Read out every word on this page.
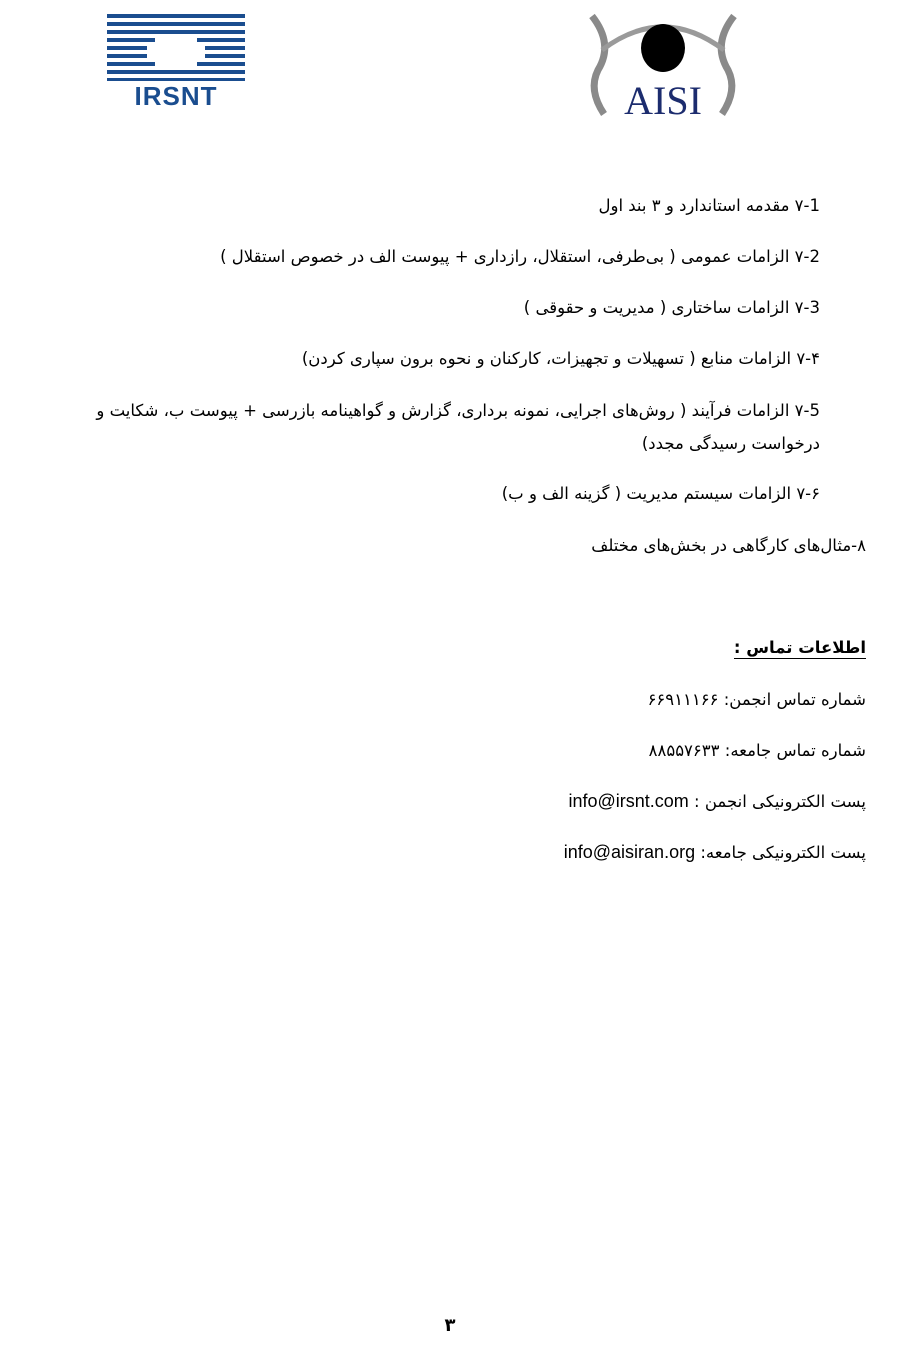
IRSNT	AISI
۷-1 مقدمه استاندارد و ۳ بند اول
۷-2 الزامات عمومی ( بی‌طرفی، استقلال، رازداری + پیوست الف در خصوص استقلال )
۷-3 الزامات ساختاری ( مدیریت و حقوقی )
۷-۴ الزامات منابع ( تسهیلات و تجهیزات، کارکنان و نحوه برون سپاری کردن)
۷-5 الزامات فرآیند ( روش‌های اجرایی، نمونه برداری، گزارش و گواهینامه بازرسی + پیوست ب، شکایت و درخواست رسیدگی مجدد)
۷-۶ الزامات سیستم مدیریت ( گزینه الف و ب)
۸-مثال‌های کارگاهی در بخش‌های مختلف
اطلاعات تماس :
شماره تماس انجمن: ۶۶۹۱۱۱۶۶
شماره تماس جامعه: ۸۸۵۵۷۶۳۳
پست الکترونیکی انجمن : info@irsnt.com
پست الکترونیکی جامعه: info@aisiran.org
۳
